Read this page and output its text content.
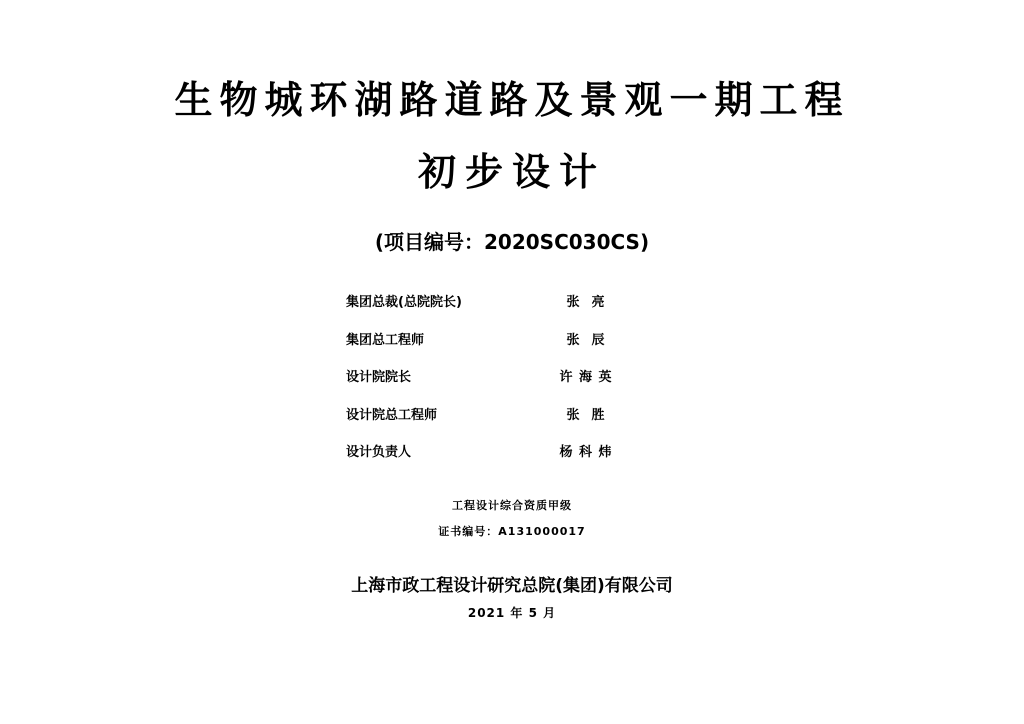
生物城环湖路道路及景观一期工程
初步设计
(项目编号：2020SC030CS)
集团总裁(总院院长)	张  亮
集团总工程师	张  辰
设计院院长	许 海 英
设计院总工程师	张  胜
设计负责人	杨 科 炜
工程设计综合资质甲级
证书编号：A131000017
上海市政工程设计研究总院(集团)有限公司
2021 年 5 月
